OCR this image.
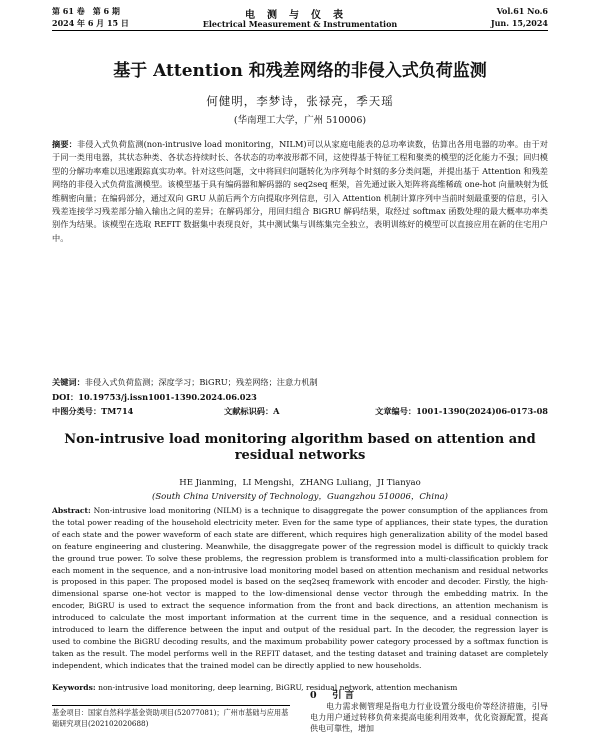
第 61 卷　第 6 期
2024 年 6 月 15 日
电测与仪表
Electrical Measurement & Instrumentation
Vol.61 No.6
Jun. 15,2024
基于 Attention 和残差网络的非侵入式负荷监测
何健明，李梦诗，张禄亮，季天瑶
(华南理工大学，广州 510006)
摘要：非侵入式负荷监测(non-intrusive load monitoring，NILM)可以从家庭电能表的总功率读数，估算出各用电器的功率。由于对于同一类用电器，其状态种类、各状态持续时长、各状态的功率波形都不同，这使得基于特征工程和聚类的模型的泛化能力不强；回归模型的分解功率难以迅速跟踪真实功率。针对这些问题，文中将回归问题转化为序列每个时刻的多分类问题，并提出基于 Attention 和残差网络的非侵入式负荷监测模型。该模型基于具有编码器和解码器的 seq2seq 框架，首先通过嵌入矩阵将高维稀疏 one-hot 向量映射为低维稠密向量；在编码部分，通过双向 GRU 从前后两个方向提取序列信息，引入 Attention 机制计算序列中当前时刻最重要的信息，引入残差连接学习残差部分输入输出之间的差异；在解码部分，用回归组合 BiGRU 解码结果，取经过 softmax 函数处理的最大概率功率类别作为结果。该模型在选取 REFIT 数据集中表现良好，其中测试集与训练集完全独立，表明训练好的模型可以直接应用在新的住宅用户中。
关键词：非侵入式负荷监测；深度学习；BiGRU；残差网络；注意力机制
DOI：10.19753/j.issn1001-1390.2024.06.023
中图分类号：TM714	文献标识码：A	文章编号：1001-1390(2024)06-0173-08
Non-intrusive load monitoring algorithm based on attention and residual networks
HE Jianming，LI Mengshi，ZHANG Luliang，JI Tianyao
(South China University of Technology，Guangzhou 510006，China)
Abstract: Non-intrusive load monitoring (NILM) is a technique to disaggregate the power consumption of the appliances from the total power reading of the household electricity meter. Even for the same type of appliances, their state types, the duration of each state and the power waveform of each state are different, which requires high generalization ability of the model based on feature engineering and clustering. Meanwhile, the disaggregate power of the regression model is difficult to quickly track the ground true power. To solve these problems, the regression problem is transformed into a multi-classification problem for each moment in the sequence, and a non-intrusive load monitoring model based on attention mechanism and residual networks is proposed in this paper. The proposed model is based on the seq2seq framework with encoder and decoder. Firstly, the high-dimensional sparse one-hot vector is mapped to the low-dimensional dense vector through the embedding matrix. In the encoder, BiGRU is used to extract the sequence information from the front and back directions, an attention mechanism is introduced to calculate the most important information at the current time in the sequence, and a residual connection is introduced to learn the difference between the input and output of the residual part. In the decoder, the regression layer is used to combine the BiGRU decoding results, and the maximum probability power category processed by a softmax function is taken as the result. The model performs well in the REFIT dataset, and the testing dataset and training dataset are completely independent, which indicates that the trained model can be directly applied to new households.
Keywords: non-intrusive load monitoring, deep learning, BiGRU, residual network, attention mechanism
基金项目：国家自然科学基金资助项目(52077081)；广州市基础与应用基础研究项目(202102020688)
0　引言
电力需求侧管理是指电力行业设置分级电价等经济措施，引导电力用户通过转移负荷来提高电能利用效率，优化资源配置，提高供电可靠性，增加
